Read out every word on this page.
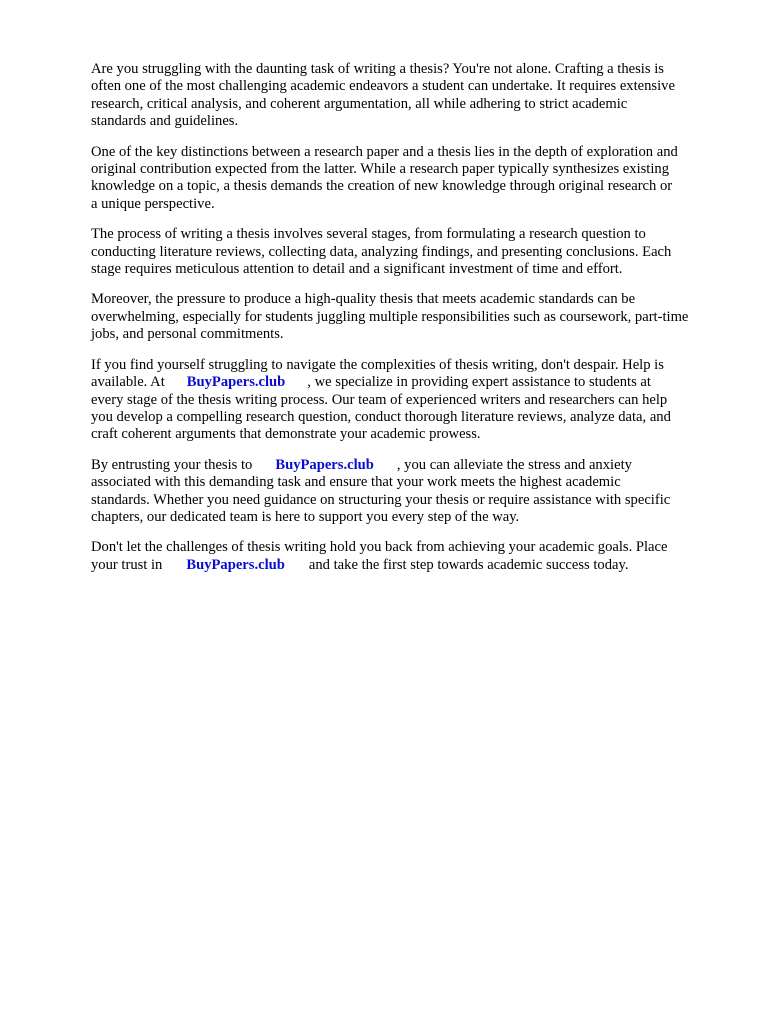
Are you struggling with the daunting task of writing a thesis? You're not alone. Crafting a thesis is
often one of the most challenging academic endeavors a student can undertake. It requires extensive
research, critical analysis, and coherent argumentation, all while adhering to strict academic
standards and guidelines.
One of the key distinctions between a research paper and a thesis lies in the depth of exploration and
original contribution expected from the latter. While a research paper typically synthesizes existing
knowledge on a topic, a thesis demands the creation of new knowledge through original research or
a unique perspective.
The process of writing a thesis involves several stages, from formulating a research question to
conducting literature reviews, collecting data, analyzing findings, and presenting conclusions. Each
stage requires meticulous attention to detail and a significant investment of time and effort.
Moreover, the pressure to produce a high-quality thesis that meets academic standards can be
overwhelming, especially for students juggling multiple responsibilities such as coursework, part-time
jobs, and personal commitments.
If you find yourself struggling to navigate the complexities of thesis writing, don't despair. Help is
available. At BuyPapers.club , we specialize in providing expert assistance to students at
every stage of the thesis writing process. Our team of experienced writers and researchers can help
you develop a compelling research question, conduct thorough literature reviews, analyze data, and
craft coherent arguments that demonstrate your academic prowess.
By entrusting your thesis to BuyPapers.club , you can alleviate the stress and anxiety
associated with this demanding task and ensure that your work meets the highest academic
standards. Whether you need guidance on structuring your thesis or require assistance with specific
chapters, our dedicated team is here to support you every step of the way.
Don't let the challenges of thesis writing hold you back from achieving your academic goals. Place
your trust in BuyPapers.club and take the first step towards academic success today.
